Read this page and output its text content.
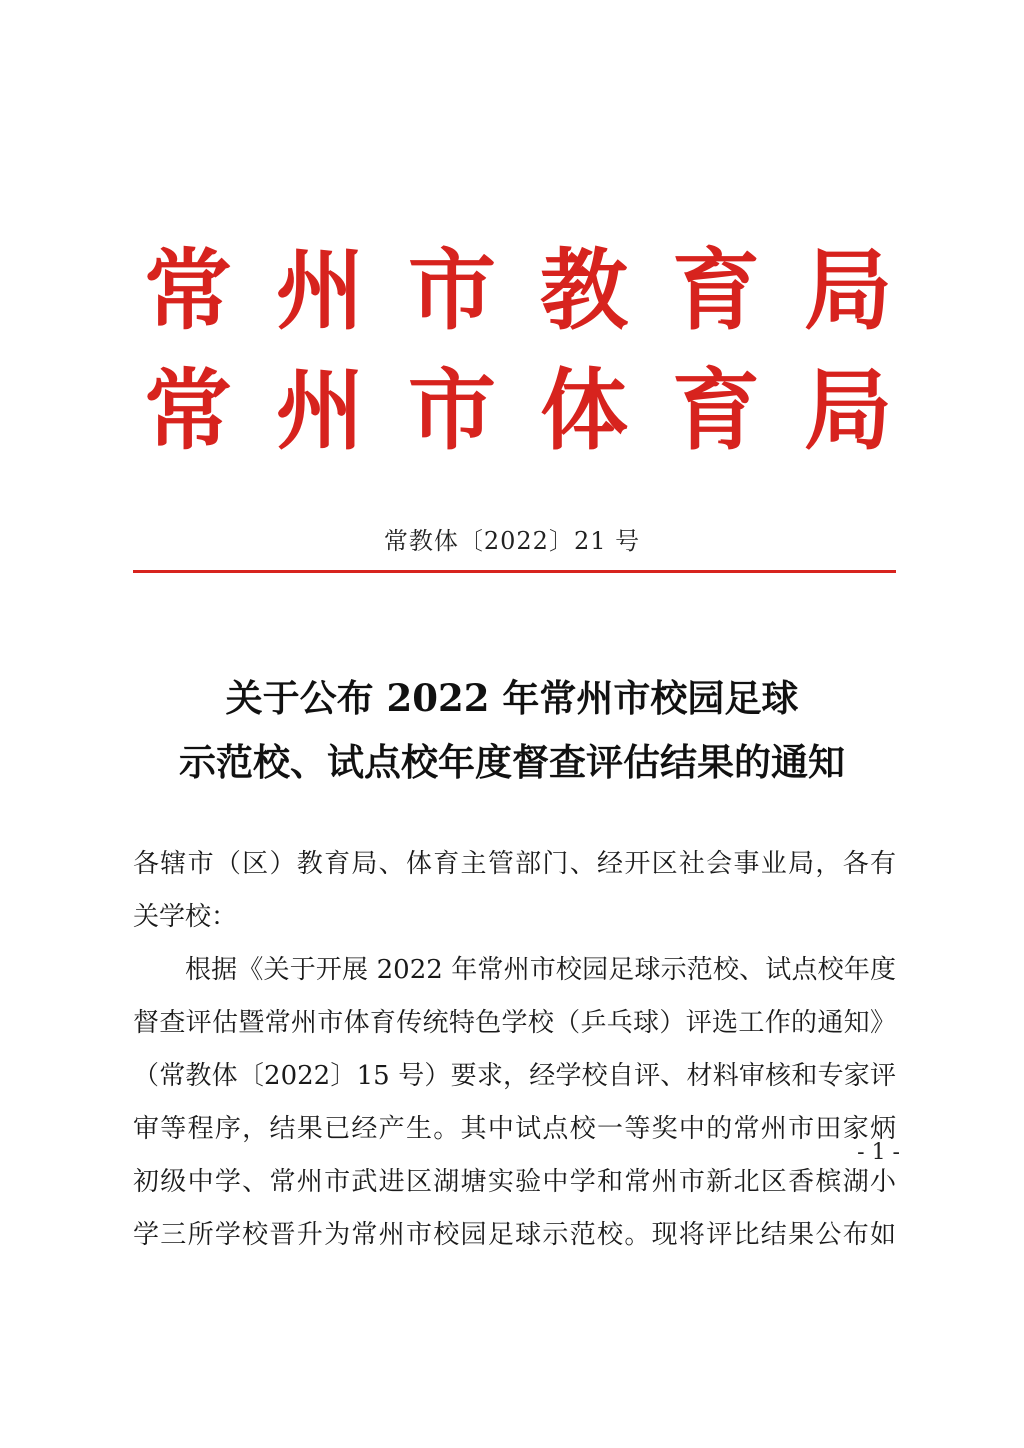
常 州 市 教 育 局
常 州 市 体 育 局
常教体〔2022〕21 号
关于公布 2022 年常州市校园足球
示范校、试点校年度督查评估结果的通知
各辖市（区）教育局、体育主管部门、经开区社会事业局，各有
关学校：
根据《关于开展 2022 年常州市校园足球示范校、试点校年度
督查评估暨常州市体育传统特色学校（乒乓球）评选工作的通知》
（常教体〔2022〕15 号）要求，经学校自评、材料审核和专家评
审等程序，结果已经产生。其中试点校一等奖中的常州市田家炳
初级中学、常州市武进区湖塘实验中学和常州市新北区香槟湖小
学三所学校晋升为常州市校园足球示范校。现将评比结果公布如
- 1 -
